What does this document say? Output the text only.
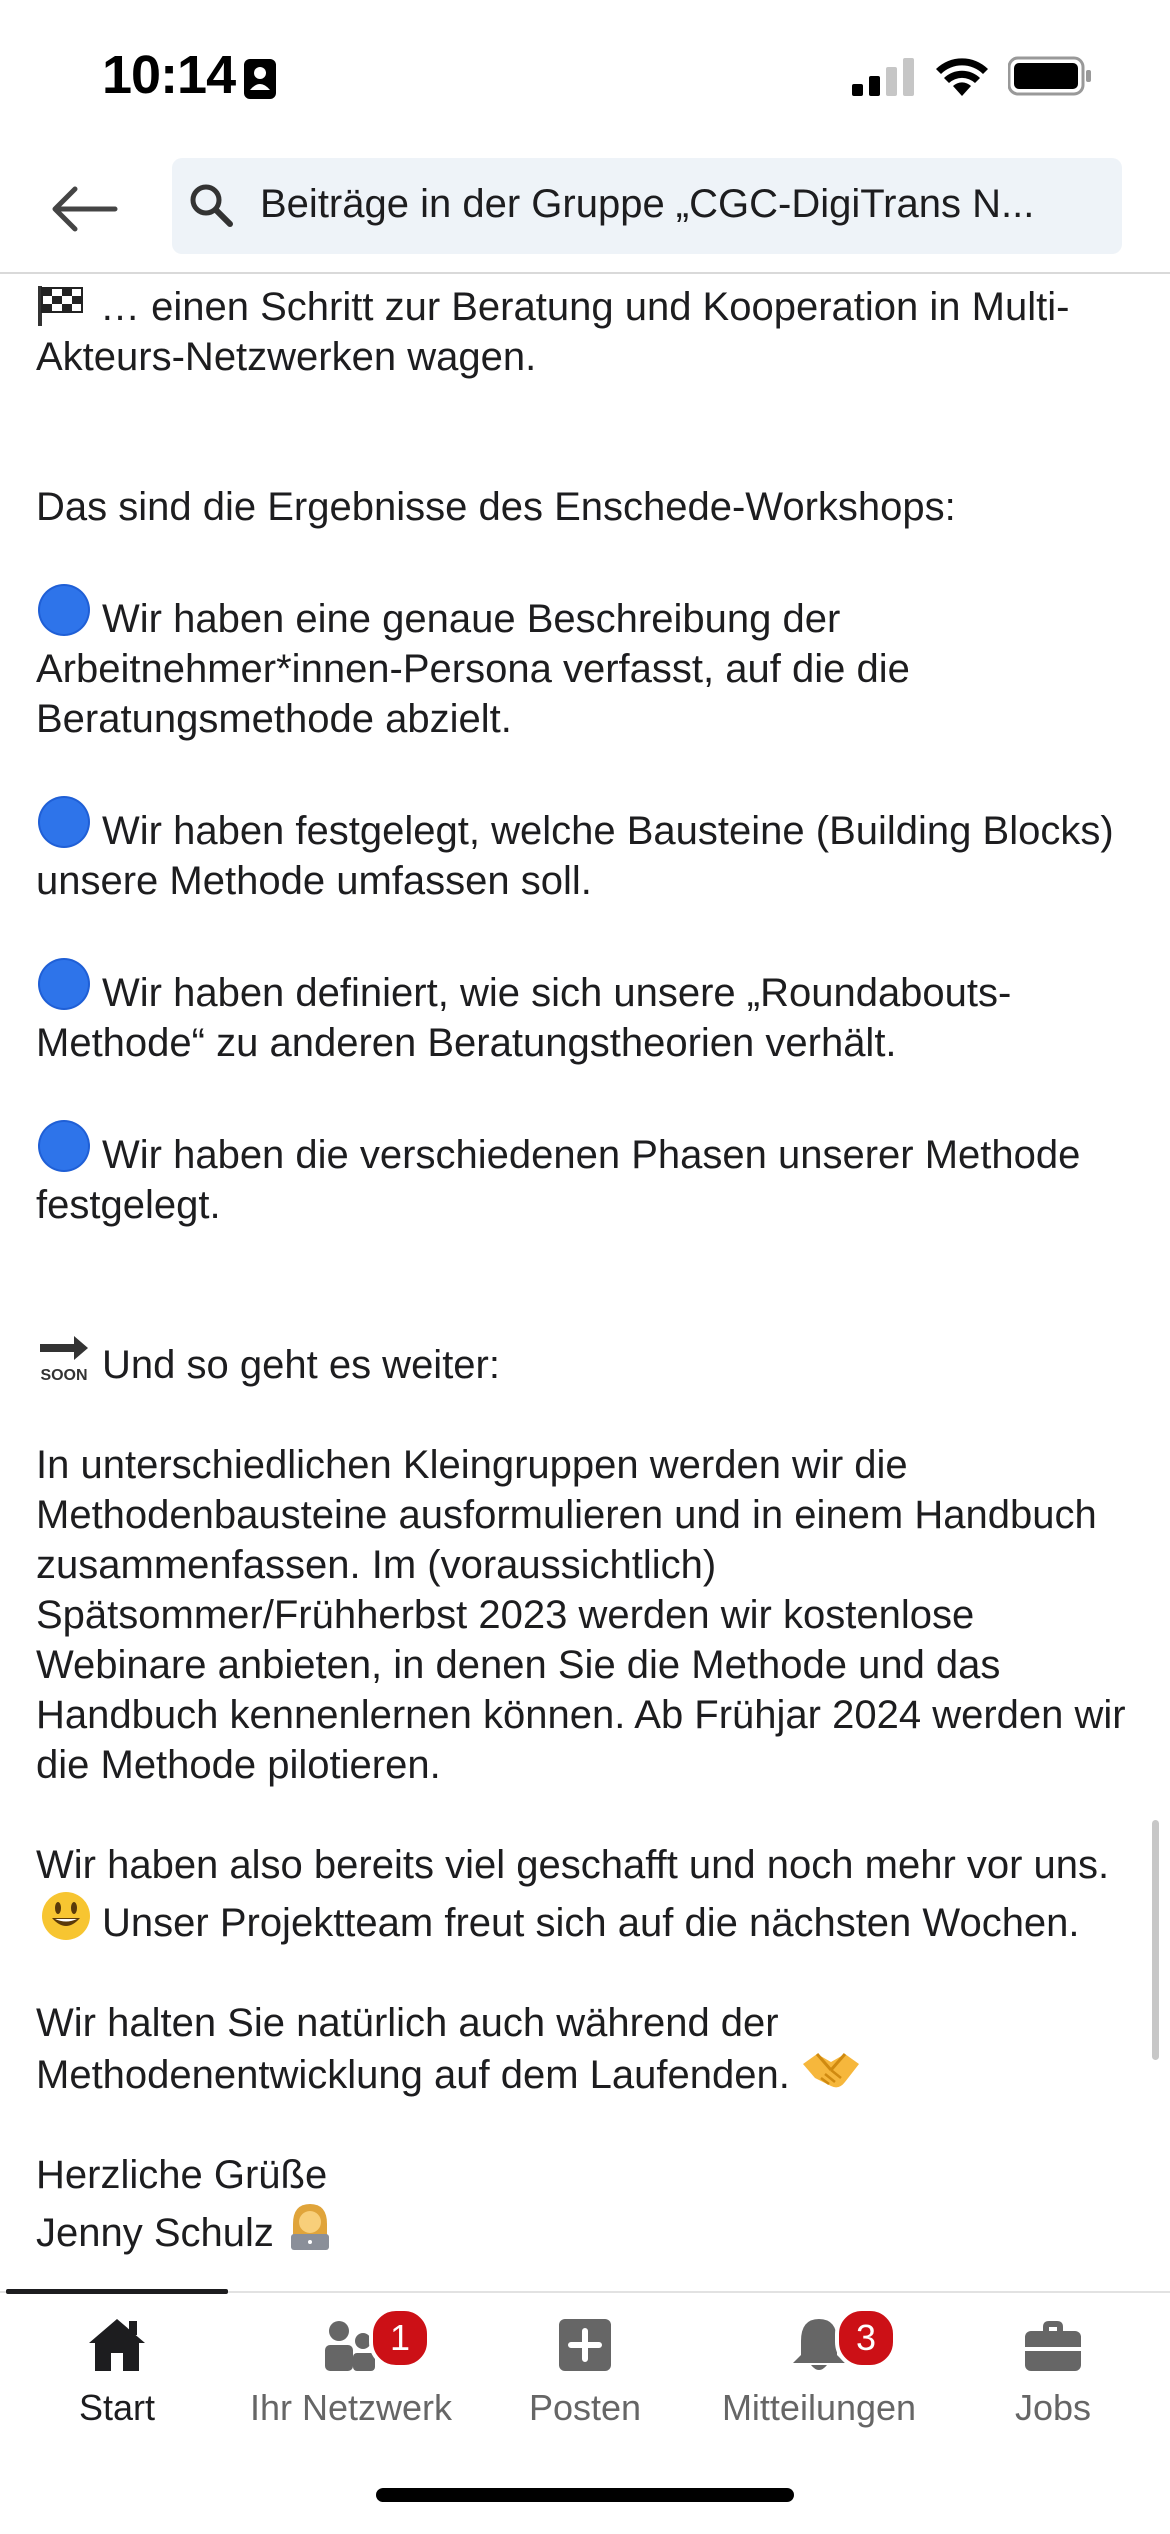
10:14
Beiträge in der Gruppe „CGC-DigiTrans N...

… einen Schritt zur Beratung und Kooperation in Multi-Akteurs-Netzwerken wagen.

Das sind die Ergebnisse des Enschede-Workshops:

Wir haben eine genaue Beschreibung der Arbeitnehmer*innen-Persona verfasst, auf die die Beratungsmethode abzielt.

Wir haben festgelegt, welche Bausteine (Building Blocks) unsere Methode umfassen soll.

Wir haben definiert, wie sich unsere „Roundabouts-Methode“ zu anderen Beratungstheorien verhält.

Wir haben die verschiedenen Phasen unserer Methode festgelegt.

SOON Und so geht es weiter:

In unterschiedlichen Kleingruppen werden wir die Methodenbausteine ausformulieren und in einem Handbuch zusammenfassen. Im (voraussichtlich) Spätsommer/Frühherbst 2023 werden wir kostenlose Webinare anbieten, in denen Sie die Methode und das Handbuch kennenlernen können. Ab Frühjar 2024 werden wir die Methode pilotieren.

Wir haben also bereits viel geschafft und noch mehr vor uns. Unser Projektteam freut sich auf die nächsten Wochen.

Wir halten Sie natürlich auch während der Methodenentwicklung auf dem Laufenden.

Herzliche Grüße

Jenny Schulz

Start
1
Ihr Netzwerk	Posten
3
Mitteilungen	Jobs
